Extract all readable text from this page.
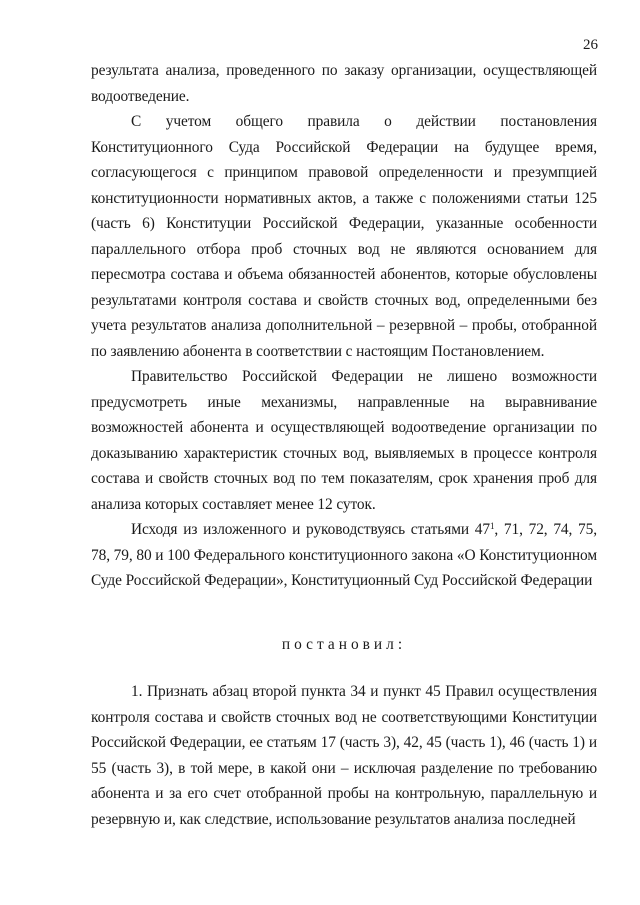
26

результата анализа, проведенного по заказу организации, осуществляющей водоотведение.

С учетом общего правила о действии постановления Конституционного Суда Российской Федерации на будущее время, согласующегося с принципом правовой определенности и презумпцией конституционности нормативных актов, а также с положениями статьи 125 (часть 6) Конституции Российской Федерации, указанные особенности параллельного отбора проб сточных вод не являются основанием для пересмотра состава и объема обязанностей абонентов, которые обусловлены результатами контроля состава и свойств сточных вод, определенными без учета результатов анализа дополнительной – резервной – пробы, отобранной по заявлению абонента в соответствии с настоящим Постановлением.

Правительство Российской Федерации не лишено возможности предусмотреть иные механизмы, направленные на выравнивание возможностей абонента и осуществляющей водоотведение организации по доказыванию характеристик сточных вод, выявляемых в процессе контроля состава и свойств сточных вод по тем показателям, срок хранения проб для анализа которых составляет менее 12 суток.

Исходя из изложенного и руководствуясь статьями $47^1$, 71, 72, 74, 75, 78, 79, 80 и 100 Федерального конституционного закона «О Конституционном Суде Российской Федерации», Конституционный Суд Российской Федерации

постановил:

1. Признать абзац второй пункта 34 и пункт 45 Правил осуществления контроля состава и свойств сточных вод не соответствующими Конституции Российской Федерации, ее статьям 17 (часть 3), 42, 45 (часть 1), 46 (часть 1) и 55 (часть 3), в той мере, в какой они – исключая разделение по требованию абонента и за его счет отобранной пробы на контрольную, параллельную и резервную и, как следствие, использование результатов анализа последней
